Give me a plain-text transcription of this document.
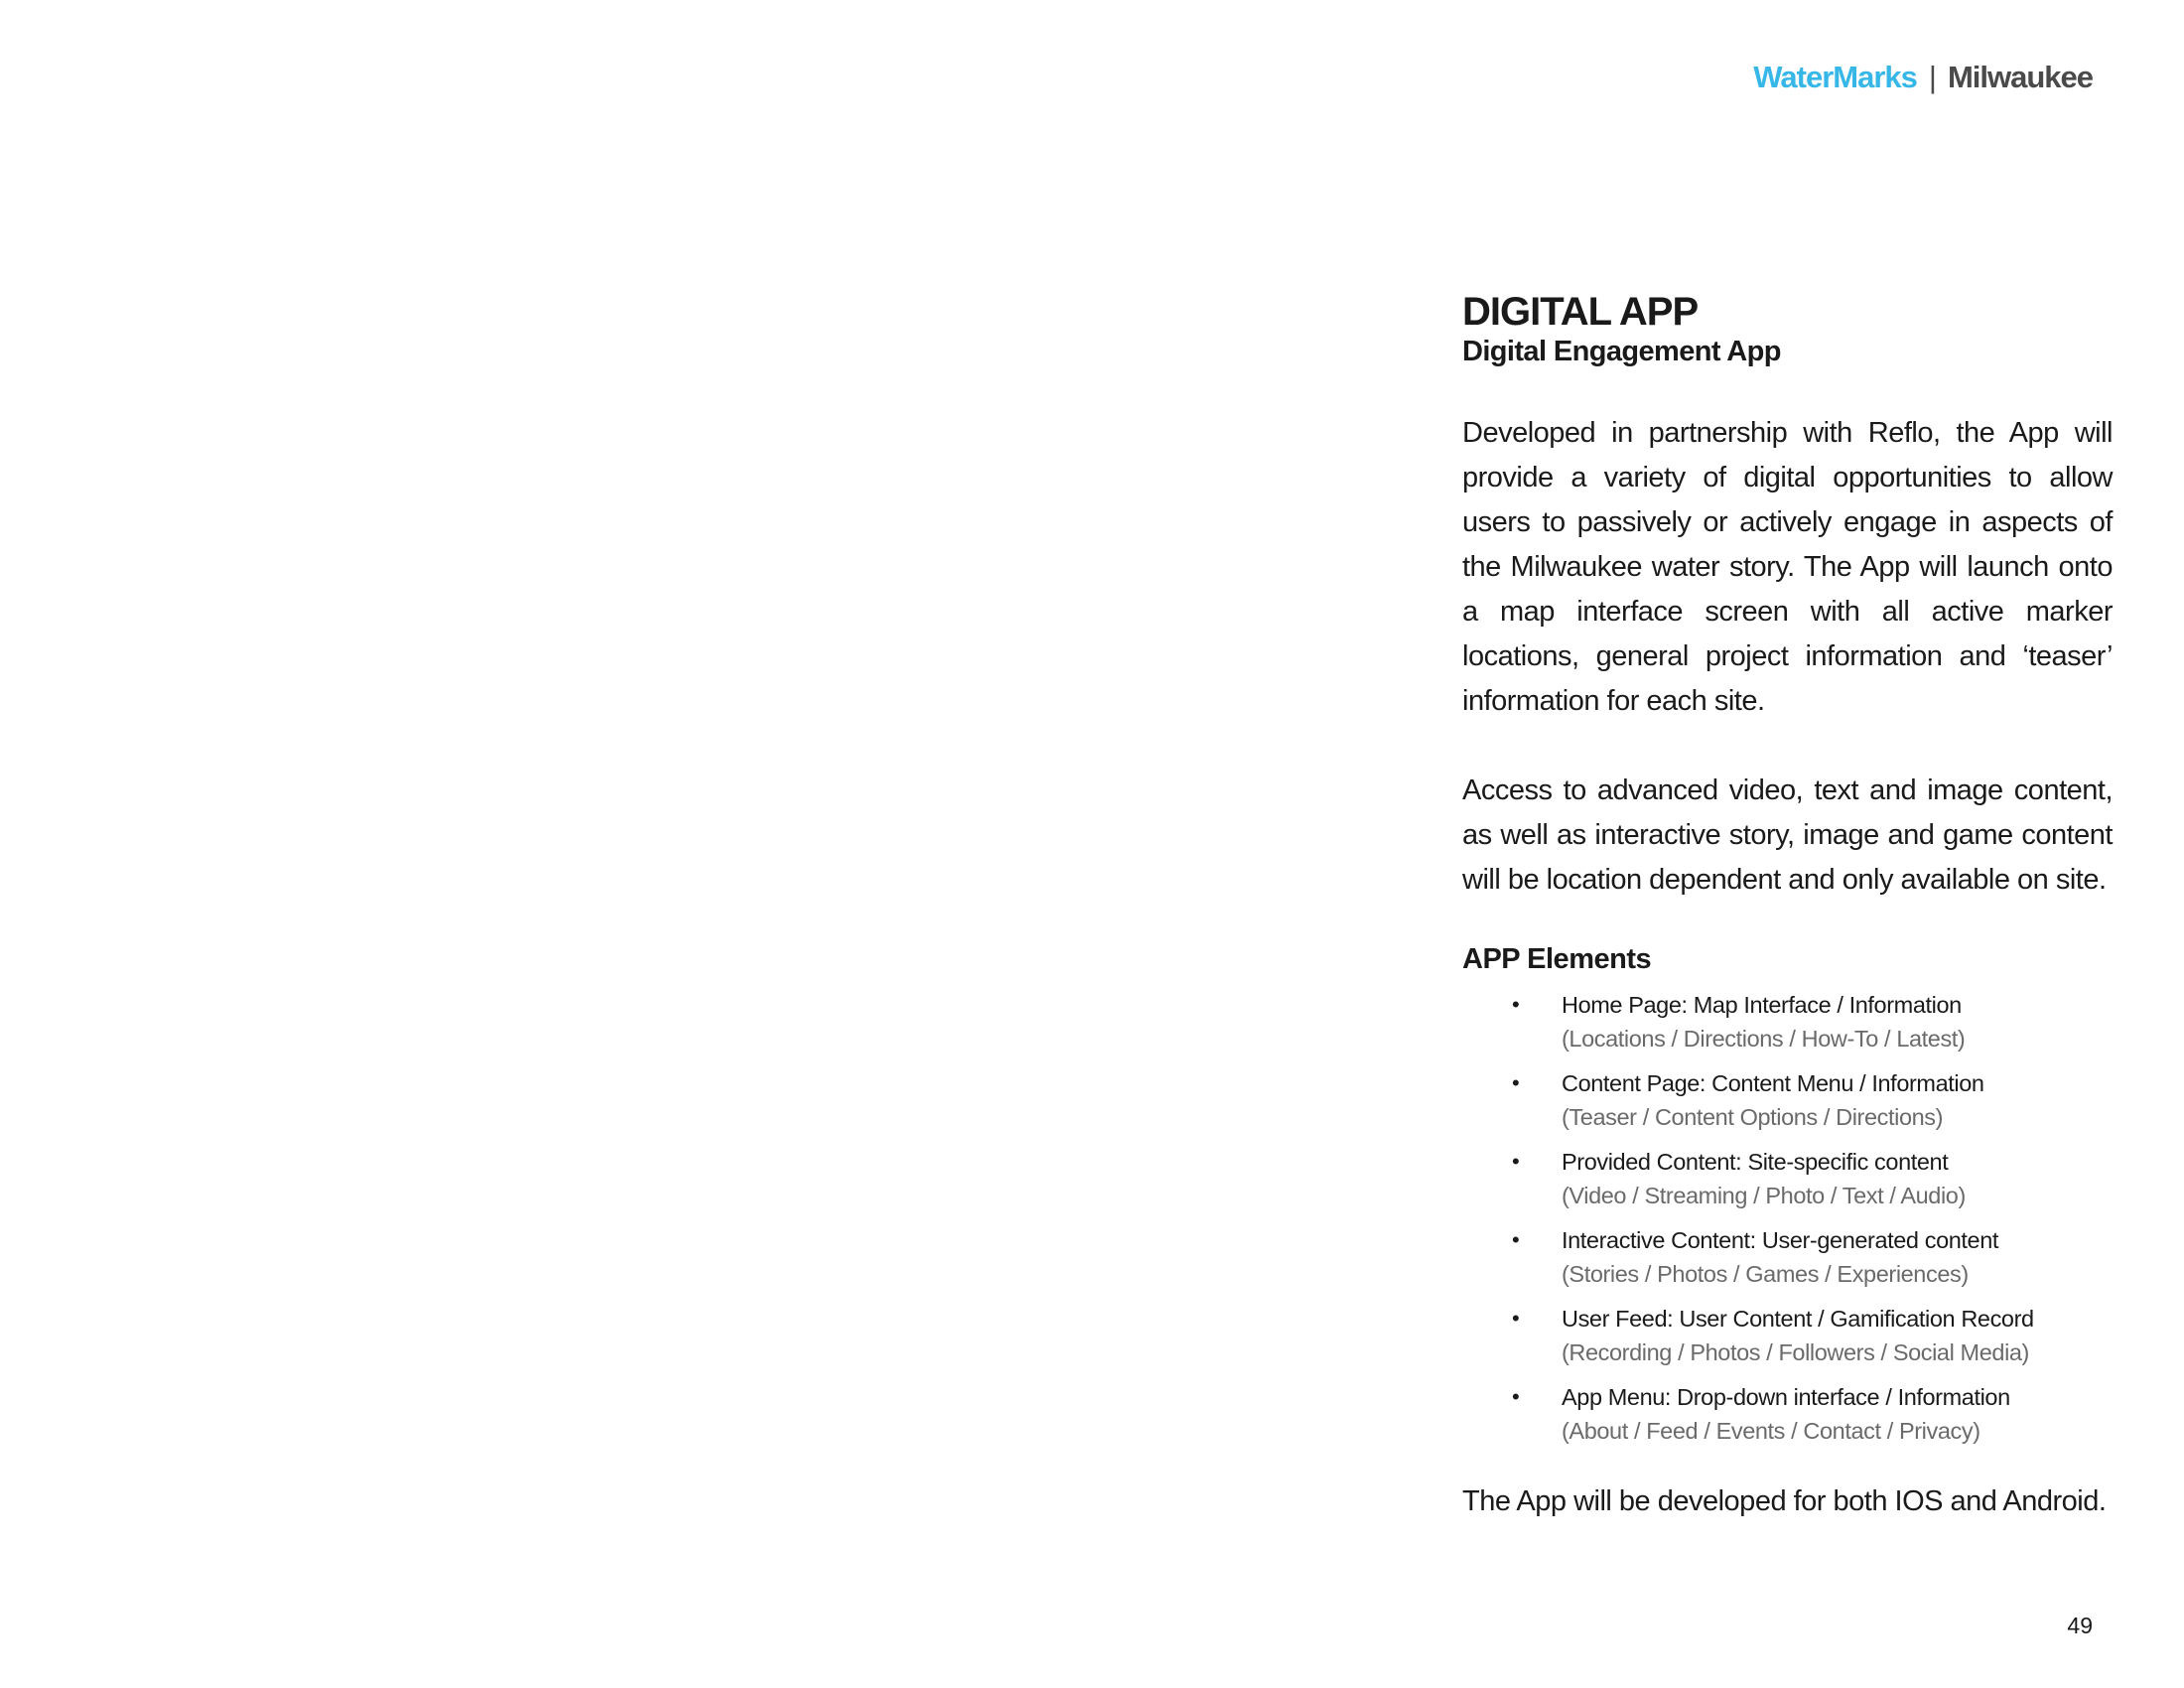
WaterMarks | Milwaukee
DIGITAL APP
Digital Engagement App

Developed in partnership with Reflo, the App will provide a variety of digital opportunities to allow users to passively or actively engage in aspects of the Milwaukee water story. The App will launch onto a map interface screen with all active marker locations, general project information and ‘teaser’ information for each site.

Access to advanced video, text and image content, as well as interactive story, image and game content will be location dependent and only available on site.

APP Elements
• Home Page: Map Interface / Information
(Locations / Directions / How-To / Latest)
• Content Page: Content Menu / Information
(Teaser / Content Options / Directions)
• Provided Content: Site-specific content
(Video / Streaming / Photo / Text / Audio)
• Interactive Content: User-generated content
(Stories / Photos / Games / Experiences)
• User Feed: User Content / Gamification Record
(Recording / Photos / Followers / Social Media)
• App Menu: Drop-down interface / Information
(About / Feed / Events / Contact / Privacy)

The App will be developed for both IOS and Android.

49
